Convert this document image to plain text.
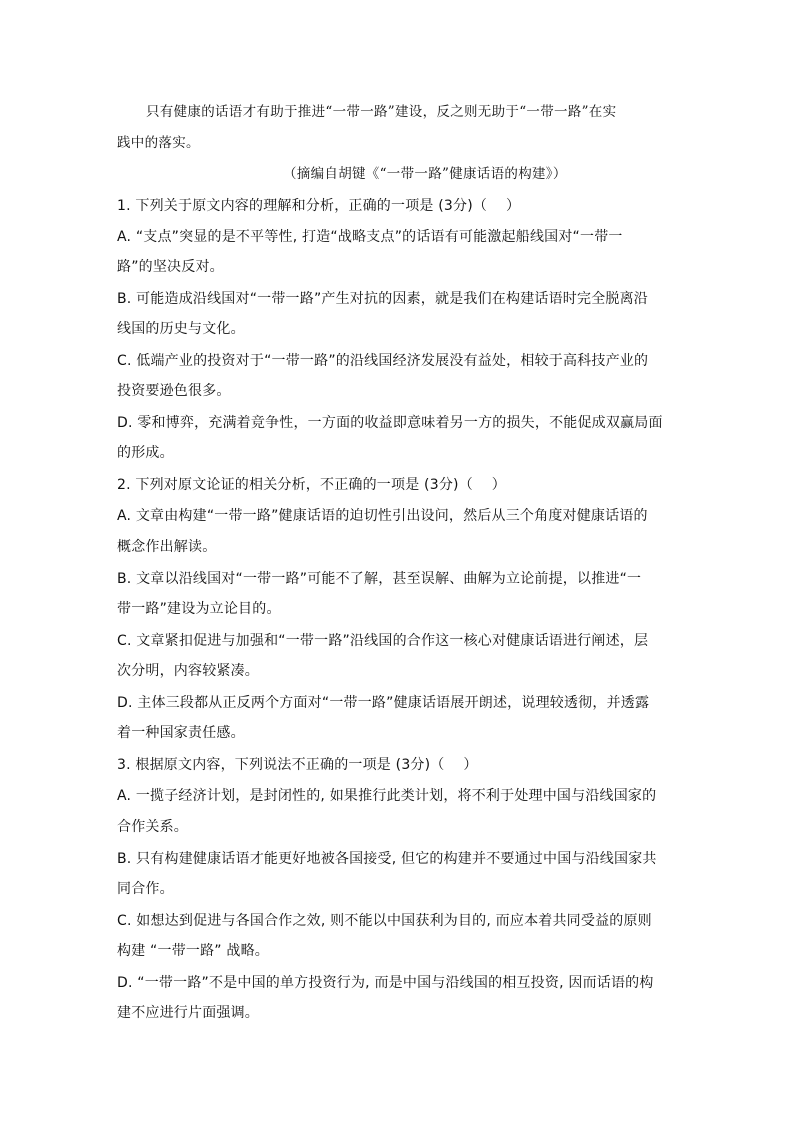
只有健康的话语才有助于推进“一带一路”建设，反之则无助于“一带一路”在实
践中的落实。
（摘编自胡键《“一带一路”健康话语的构建》）
1. 下列关于原文内容的理解和分析，正确的一项是 (3分)（　 ）
A. “支点”突显的是不平等性, 打造“战略支点”的话语有可能激起船线国对“一带一
路”的坚决反对。
B. 可能造成沿线国对“一带一路”产生对抗的因素，就是我们在构建话语时完全脱离沿
线国的历史与文化。
C. 低端产业的投资对于“一带一路”的沿线国经济发展没有益处，相较于高科技产业的
投资要逊色很多。
D. 零和博弈，充满着竞争性，一方面的收益即意味着另一方的损失，不能促成双赢局面
的形成。
2. 下列对原文论证的相关分析，不正确的一项是 (3分)（　 ）
A. 文章由构建“一带一路”健康话语的迫切性引出设问，然后从三个角度对健康话语的
概念作出解读。
B. 文章以沿线国对“一带一路”可能不了解，甚至误解、曲解为立论前提，以推进“一
带一路”建设为立论目的。
C. 文章紧扣促进与加强和“一带一路”沿线国的合作这一核心对健康话语进行阐述，层
次分明，内容较紧凑。
D. 主体三段都从正反两个方面对“一带一路”健康话语展开朗述，说理较透彻，并透露
着一种国家责任感。
3. 根据原文内容，下列说法不正确的一项是 (3分)（　 ）
A. 一揽子经济计划，是封闭性的, 如果推行此类计划，将不利于处理中国与沿线国家的
合作关系。
B. 只有构建健康话语才能更好地被各国接受, 但它的构建并不要通过中国与沿线国家共
同合作。
C. 如想达到促进与各国合作之效, 则不能以中国获利为目的, 而应本着共同受益的原则
构建 “一带一路” 战略。
D. “一带一路”不是中国的单方投资行为, 而是中国与沿线国的相互投资, 因而话语的构
建不应进行片面强调。
